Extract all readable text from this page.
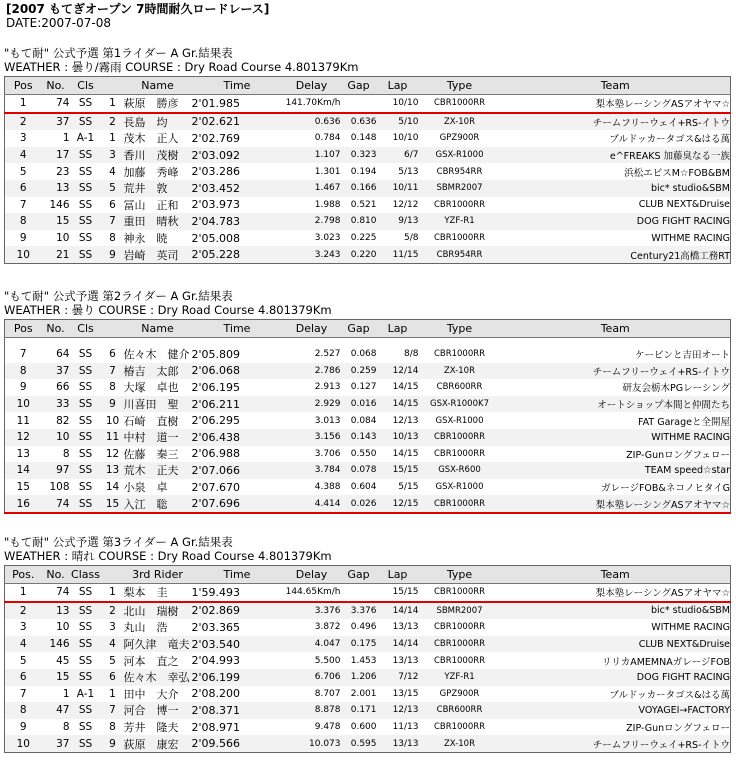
[2007 もてぎオープン 7時間耐久ロードレース]
DATE:2007-07-08
"もて耐" 公式予選 第1ライダー A Gr.結果表
WEATHER : 曇り/霧雨 COURSE : Dry Road Course 4.801379Km
Pos	No.	Cls		Name	Time	Delay	Gap	Lap	Type	Team
1	74	SS	1	萩原　勝彦	2'01.985	141.70Km/h		10/10	CBR1000RR	梨本塾レーシングASアオヤマ☆
2	37	SS	2	長島　均	2'02.621	0.636	0.636	5/10	ZX-10R	チームフリーウェイ+RS-イトウ
3	1	A-1	1	茂木　正人	2'02.769	0.784	0.148	10/10	GPZ900R	ブルドッカータゴス&はる萬
4	17	SS	3	香川　茂樹	2'03.092	1.107	0.323	6/7	GSX-R1000	e^FREAKS 加藤臭なる一族
5	23	SS	4	加藤　秀峰	2'03.286	1.301	0.194	5/13	CBR954RR	浜松エビスM☆FOB&BM
6	13	SS	5	荒井　敦	2'03.452	1.467	0.166	10/11	SBMR2007	bic* studio&SBM
7	146	SS	6	冨山　正和	2'03.973	1.988	0.521	12/12	CBR1000RR	CLUB NEXT&Druise
8	15	SS	7	重田　晴秋	2'04.783	2.798	0.810	9/13	YZF-R1	DOG FIGHT RACING
9	10	SS	8	神永　暁	2'05.008	3.023	0.225	5/8	CBR1000RR	WITHME RACING
10	21	SS	9	岩崎　英司	2'05.228	3.243	0.220	11/15	CBR954RR	Century21高橋工務RT
"もて耐" 公式予選 第2ライダー A Gr.結果表
WEATHER : 曇り COURSE : Dry Road Course 4.801379Km
Pos	No.	Cls		Name	Time	Delay	Gap	Lap	Type	Team

7	64	SS	6	佐々木　健介	2'05.809	2.527	0.068	8/8	CBR1000RR	ケービンと吉田オート
8	37	SS	7	椿吉　太郎	2'06.068	2.786	0.259	12/14	ZX-10R	チームフリーウェイ+RS-イトウ
9	66	SS	8	大塚　卓也	2'06.195	2.913	0.127	14/15	CBR600RR	研友会栃木PGレーシング
10	33	SS	9	川喜田　聖	2'06.211	2.929	0.016	14/15	GSX-R1000K7	オートショップ本間と仲間たち
11	82	SS	10	石崎　直樹	2'06.295	3.013	0.084	12/13	GSX-R1000	FAT Garageと全開屋
12	10	SS	11	中村　道一	2'06.438	3.156	0.143	10/13	CBR1000RR	WITHME RACING
13	8	SS	12	佐藤　秦三	2'06.988	3.706	0.550	14/15	CBR1000RR	ZIP-Gunロングフェロー
14	97	SS	13	荒木　正夫	2'07.066	3.784	0.078	15/15	GSX-R600	TEAM speed☆star
15	108	SS	14	小泉　卓	2'07.670	4.388	0.604	5/15	GSX-R1000	ガレージFOB&ネコノヒタイG
16	74	SS	15	入江　聡	2'07.696	4.414	0.026	12/15	CBR1000RR	梨本塾レーシングASアオヤマ☆
"もて耐" 公式予選 第3ライダー A Gr.結果表
WEATHER : 晴れ COURSE : Dry Road Course 4.801379Km
Pos.	No.	Class		3rd Rider	Time	Delay	Gap	Lap	Type	Team
1	74	SS	1	梨本　圭	1'59.493	144.65Km/h		15/15	CBR1000RR	梨本塾レーシングASアオヤマ☆
2	13	SS	2	北山　瑞樹	2'02.869	3.376	3.376	14/14	SBMR2007	bic* studio&SBM
3	10	SS	3	丸山　浩	2'03.365	3.872	0.496	13/13	CBR1000RR	WITHME RACING
4	146	SS	4	阿久津　竜夫	2'03.540	4.047	0.175	14/14	CBR1000RR	CLUB NEXT&Druise
5	45	SS	5	河本　直之	2'04.993	5.500	1.453	13/13	CBR1000RR	リリカAMEMNAガレージFOB
6	15	SS	6	佐々木　幸弘	2'06.199	6.706	1.206	7/12	YZF-R1	DOG FIGHT RACING
7	1	A-1	1	田中　大介	2'08.200	8.707	2.001	13/15	GPZ900R	ブルドッカータゴス&はる萬
8	47	SS	7	河合　博一	2'08.371	8.878	0.171	12/13	CBR600RR	VOYAGEI→FACTORY
9	8	SS	8	芳井　隆夫	2'08.971	9.478	0.600	11/13	CBR1000RR	ZIP-Gunロングフェロー
10	37	SS	9	荻原　康宏	2'09.566	10.073	0.595	13/13	ZX-10R	チームフリーウェイ+RS-イトウ
